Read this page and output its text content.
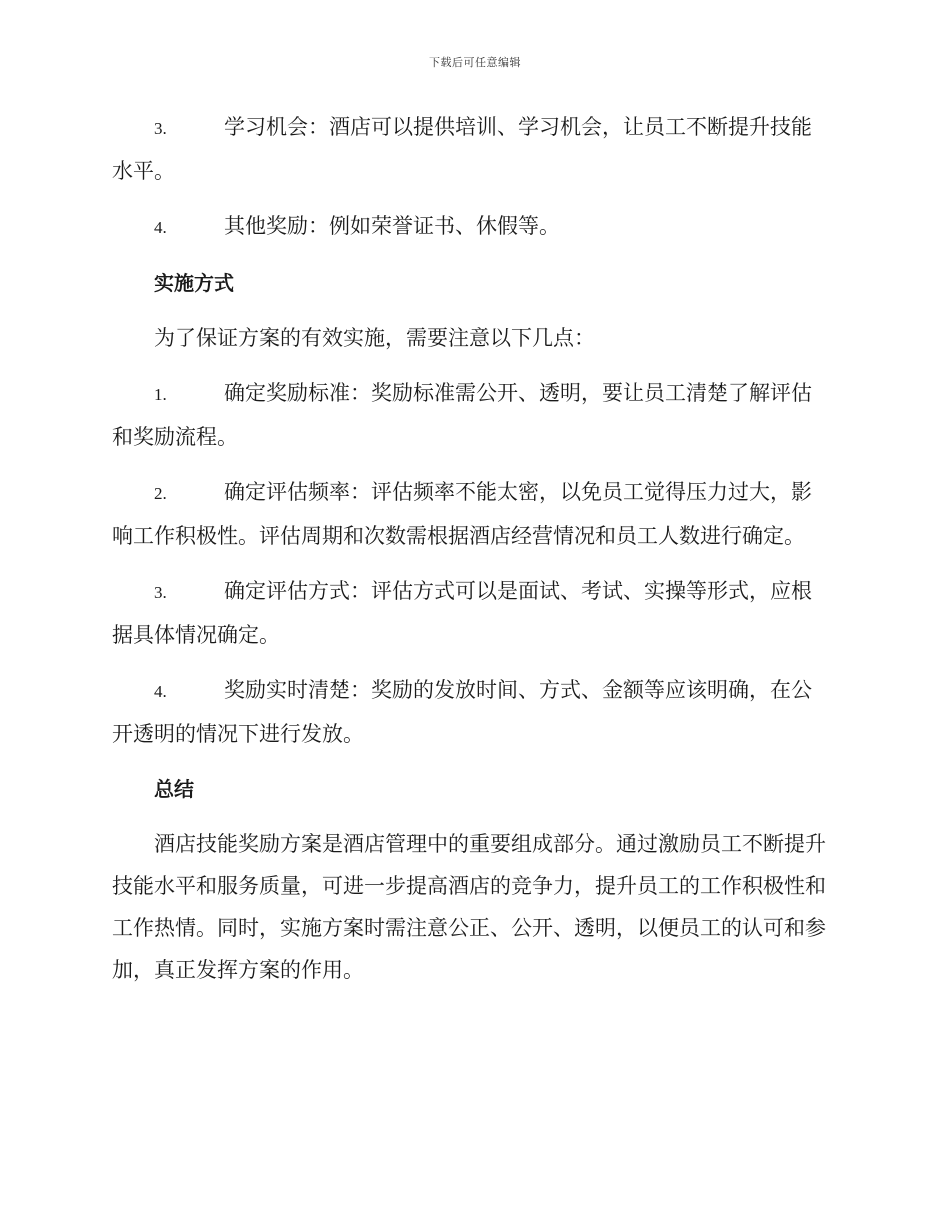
下载后可任意编辑

3.	学习机会：酒店可以提供培训、学习机会，让员工不断提升技能水平。

4.	其他奖励：例如荣誉证书、休假等。

实施方式

为了保证方案的有效实施，需要注意以下几点：

1.	确定奖励标准：奖励标准需公开、透明，要让员工清楚了解评估和奖励流程。

2.	确定评估频率：评估频率不能太密，以免员工觉得压力过大，影响工作积极性。评估周期和次数需根据酒店经营情况和员工人数进行确定。

3.	确定评估方式：评估方式可以是面试、考试、实操等形式，应根据具体情况确定。

4.	奖励实时清楚：奖励的发放时间、方式、金额等应该明确，在公开透明的情况下进行发放。

总结

酒店技能奖励方案是酒店管理中的重要组成部分。通过激励员工不断提升技能水平和服务质量，可进一步提高酒店的竞争力，提升员工的工作积极性和工作热情。同时，实施方案时需注意公正、公开、透明，以便员工的认可和参加，真正发挥方案的作用。
